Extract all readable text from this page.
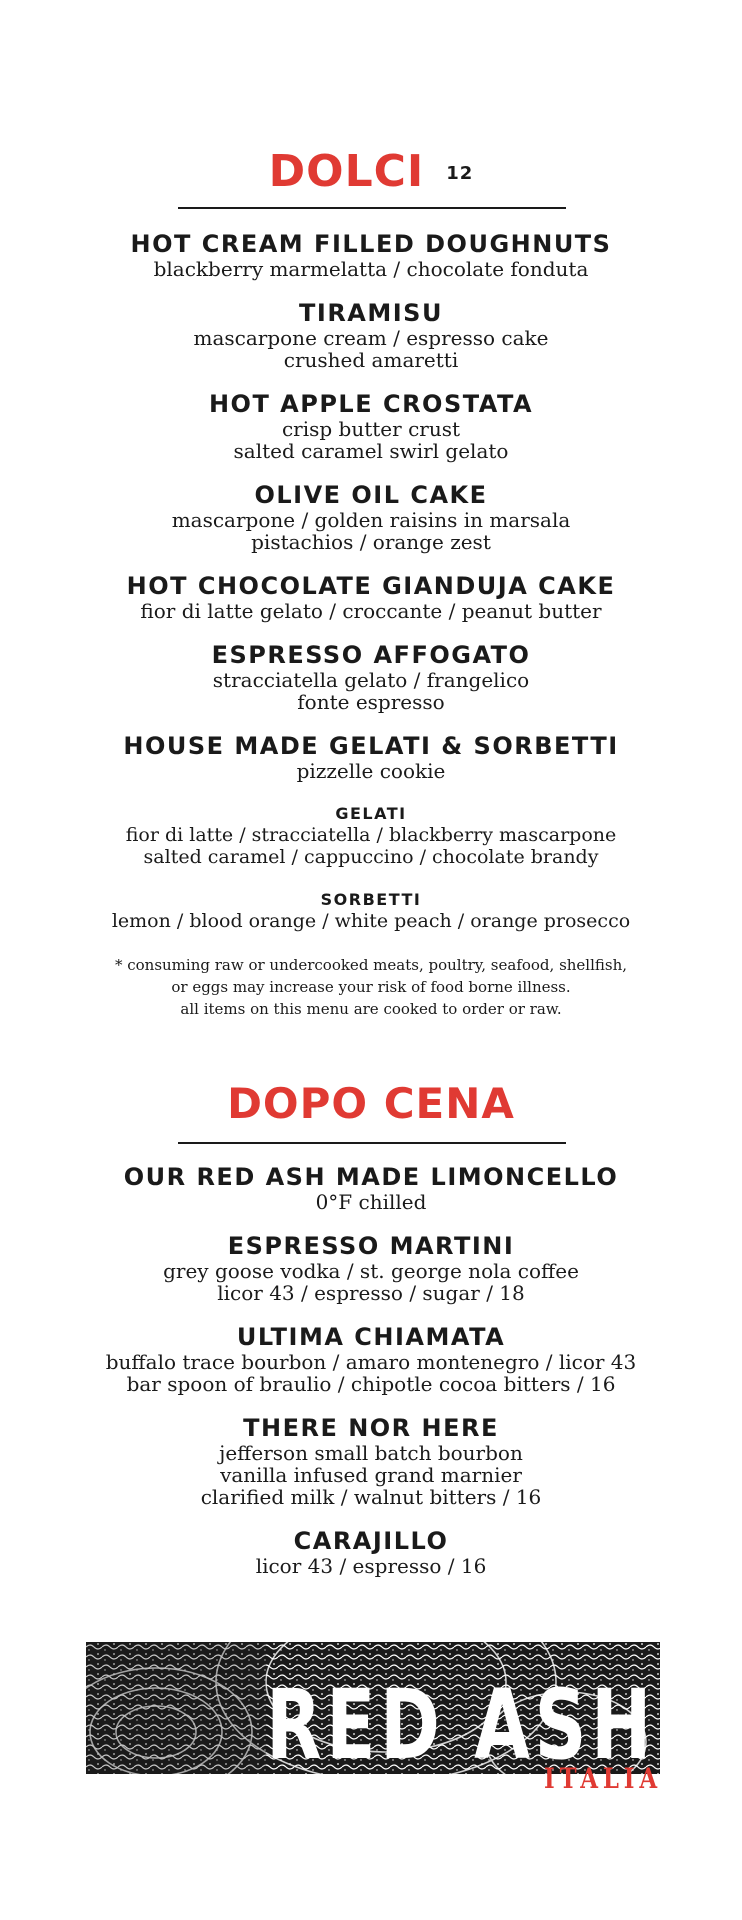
DOLCI 12
HOT CREAM FILLED DOUGHNUTS
blackberry marmelatta / chocolate fonduta
TIRAMISU
mascarpone cream / espresso cake
crushed amaretti
HOT APPLE CROSTATA
crisp butter crust
salted caramel swirl gelato
OLIVE OIL CAKE
mascarpone / golden raisins in marsala
pistachios / orange zest
HOT CHOCOLATE GIANDUJA CAKE
fior di latte gelato / croccante / peanut butter
ESPRESSO AFFOGATO
stracciatella gelato / frangelico
fonte espresso
HOUSE MADE GELATI & SORBETTI
pizzelle cookie
GELATI
fior di latte / stracciatella / blackberry mascarpone
salted caramel / cappuccino / chocolate brandy
SORBETTI
lemon / blood orange / white peach / orange prosecco
* consuming raw or undercooked meats, poultry, seafood, shellfish,
or eggs may increase your risk of food borne illness.
all items on this menu are cooked to order or raw.
DOPO CENA
OUR RED ASH MADE LIMONCELLO
0°F chilled
ESPRESSO MARTINI
grey goose vodka / st. george nola coffee
licor 43 / espresso / sugar / 18
ULTIMA CHIAMATA
buffalo trace bourbon / amaro montenegro / licor 43
bar spoon of braulio / chipotle cocoa bitters / 16
THERE NOR HERE
jefferson small batch bourbon
vanilla infused grand marnier
clarified milk / walnut bitters / 16
CARAJILLO
licor 43 / espresso / 16
RED ASH
ITALIA
